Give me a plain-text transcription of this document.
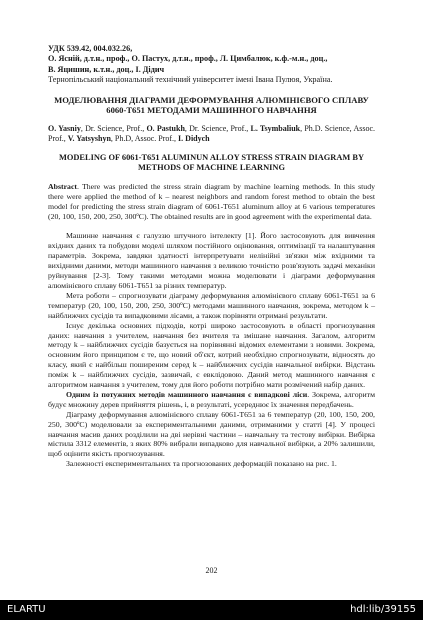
УДК 539.42, 004.032.26,
О. Ясній, д.т.н., проф., О. Пастух, д.т.н., проф., Л. Цимбалюк, к.ф.-м.н., доц.,
В. Яцишин, к.т.н., доц., І. Дідич
Тернопільський національний технічний університет імені Івана Пулюя, Україна.
МОДЕЛЮВАННЯ ДІАГРАМИ ДЕФОРМУВАННЯ АЛЮМІНІЄВОГО СПЛАВУ 6060-Т651 МЕТОДАМИ МАШИННОГО НАВЧАННЯ
O. Yasniy, Dr. Science, Prof., O. Pastukh, Dr. Science, Prof., L. Tsymbaliuk, Ph.D. Science, Assoc. Prof., V. Yatsyshyn, Ph.D, Assoc. Prof., I. Didych
MODELING OF 6061-T651 ALUMINUN ALLOY STRESS STRAIN DIAGRAM BY METHODS OF MACHINE LEARNING
Abstract. There was predicted the stress strain diagram by machine learning methods. In this study there were applied the method of k – nearest neighbors and random forest method to obtain the best model for predicting the stress strain diagram of 6061-T651 aluminum alloy at 6 various temperatures (20, 100, 150, 200, 250, 300ºC). The obtained results are in good agreement with the experimental data.

Машинне навчання є галуззю штучного інтелекту [1]. Його застосовують для вивчення вхідних даних та побудови моделі шляхом постійного оцінювання, оптимізації та налаштування параметрів. Зокрема, завдяки здатності інтерпретувати нелінійні зв'язки між вхідними та вихідними даними, методи машинного навчання з великою точністю розв'язують задачі механіки руйнування [2-3]. Тому такими методами можна моделювати і діаграми деформування алюмінієвого сплаву 6061-Т651 за різних температур.

Мета роботи – спрогнозувати діаграму деформування алюмінієвого сплаву 6061-Т651 за 6 температур (20, 100, 150, 200, 250, 300ºС) методами машинного навчання, зокрема, методом k – найближчих сусідів та випадковими лісами, а також порівняти отримані результати.

Існує декілька основних підходів, котрі широко застосовують в області прогнозування даних: навчання з учителем, навчання без вчителя та змішане навчання. Загалом, алгоритм методу k – найближчих сусідів базується на порівнянні відомих елементами з новими. Зокрема, основним його принципом є те, що новий об'єкт, котрий необхідно спрогнозувати, відносять до класу, який є найбільш поширеним серед k – найближчих сусідів навчальної вибірки. Відстань поміж k – найближчих сусідів, зазвичай, є евклідовою. Даний метод машинного навчання є алгоритмом навчання з учителем, тому для його роботи потрібно мати розмічений набір даних.

Одним із потужних методів машинного навчання є випадкові ліси. Зокрема, алгоритм будує множину дерев прийняття рішень, і, в результаті, усереднює їх значення передбачень.

Діаграму деформування алюмінієвого сплаву 6061-Т651 за 6 температур (20, 100, 150, 200, 250, 300ºС) моделювали за експериментальними даними, отриманими у статті [4]. У процесі навчання масив даних розділили на дві нерівні частини – навчальну та тестову вибірки. Вибірка містила 3312 елементів, з яких 80% вибрали випадково для навчальної вибірки, а 20% залишили, щоб оцінити якість прогнозування.

Залежності експериментальних та прогнозованих деформацій показано на рис. 1.

202
ELARTU	hdl:lib/39155
